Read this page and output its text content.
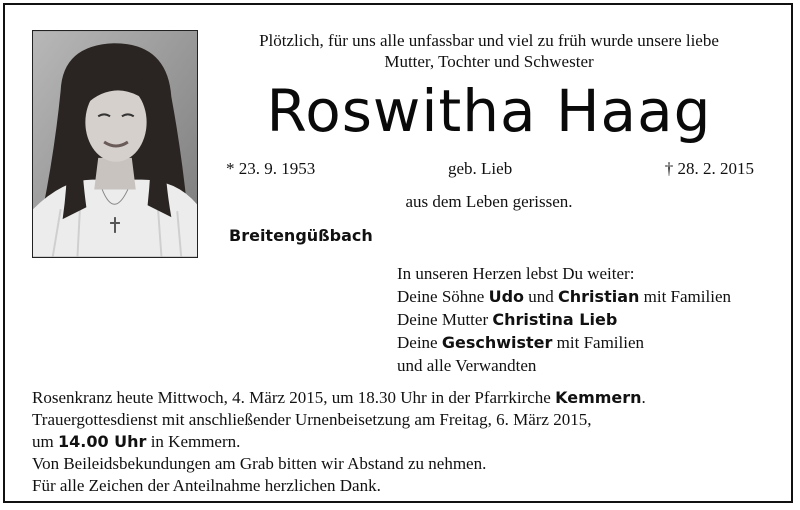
Plötzlich, für uns alle unfassbar und viel zu früh wurde unsere liebe
Mutter, Tochter und Schwester
Roswitha Haag
* 23. 9. 1953	geb. Lieb	† 28. 2. 2015
aus dem Leben gerissen.
Breitengüßbach
In unseren Herzen lebst Du weiter:
Deine Söhne Udo und Christian mit Familien
Deine Mutter Christina Lieb
Deine Geschwister mit Familien
und alle Verwandten
Rosenkranz heute Mittwoch, 4. März 2015, um 18.30 Uhr in der Pfarrkirche Kemmern.
Trauergottesdienst mit anschließender Urnenbeisetzung am Freitag, 6. März 2015,
um 14.00 Uhr in Kemmern.
Von Beileidsbekundungen am Grab bitten wir Abstand zu nehmen.
Für alle Zeichen der Anteilnahme herzlichen Dank.
